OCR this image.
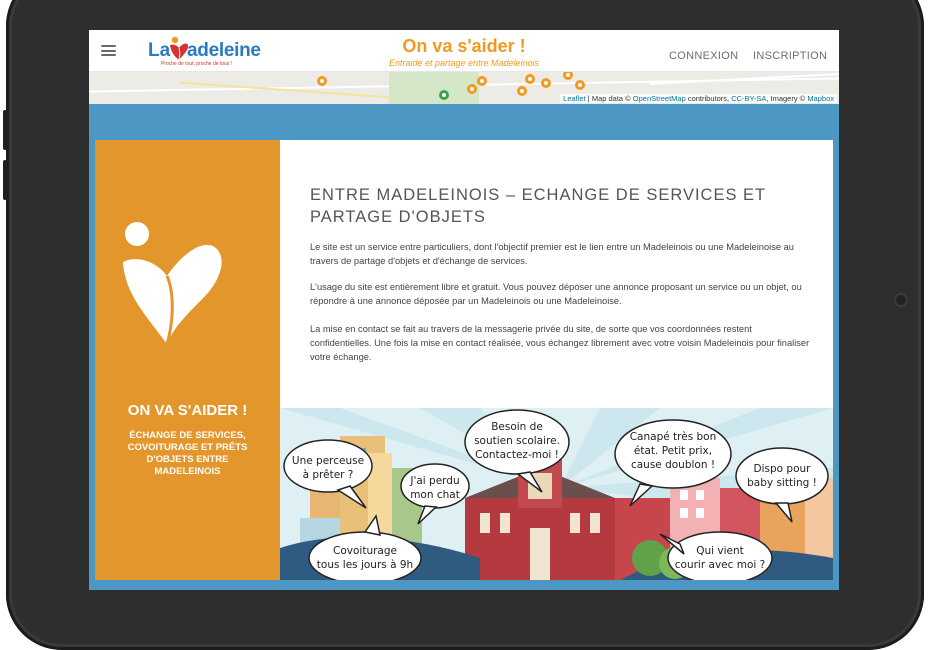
La adeleine
Proche de tout, proche de tous !
On va s'aider !
Entraide et partage entre Madeleinois
CONNEXION INSCRIPTION
Leaflet | Map data © OpenStreetMap contributors, CC-BY-SA, Imagery © Mapbox
ON VA S'AIDER !
ÉCHANGE DE SERVICES, COVOITURAGE ET PRÊTS D'OBJETS ENTRE MADELEINOIS
ENTRE MADELEINOIS – ECHANGE DE SERVICES ET PARTAGE D'OBJETS

Le site est un service entre particuliers, dont l'objectif premier est le lien entre un Madeleinois ou une Madeleinoise au travers de partage d'objets et d'échange de services.

L'usage du site est entièrement libre et gratuit. Vous pouvez déposer une annonce proposant un service ou un objet, ou répondre à une annonce déposée par un Madeleinois ou une Madeleinoise.

La mise en contact se fait au travers de la messagerie privée du site, de sorte que vos coordonnées restent confidentielles. Une fois la mise en contact réalisée, vous échangez librement avec votre voisin Madeleinois pour finaliser votre échange.

Une perceuse
à prêter ?	J'ai perdu
mon chat
Besoin de
soutien scolaire.
Contactez-moi !
Canapé très bon
état. Petit prix,
cause doublon !	Dispo pour
baby sitting !
Covoiturage
tous les jours à 9h
Qui vient
courir avec moi ?
